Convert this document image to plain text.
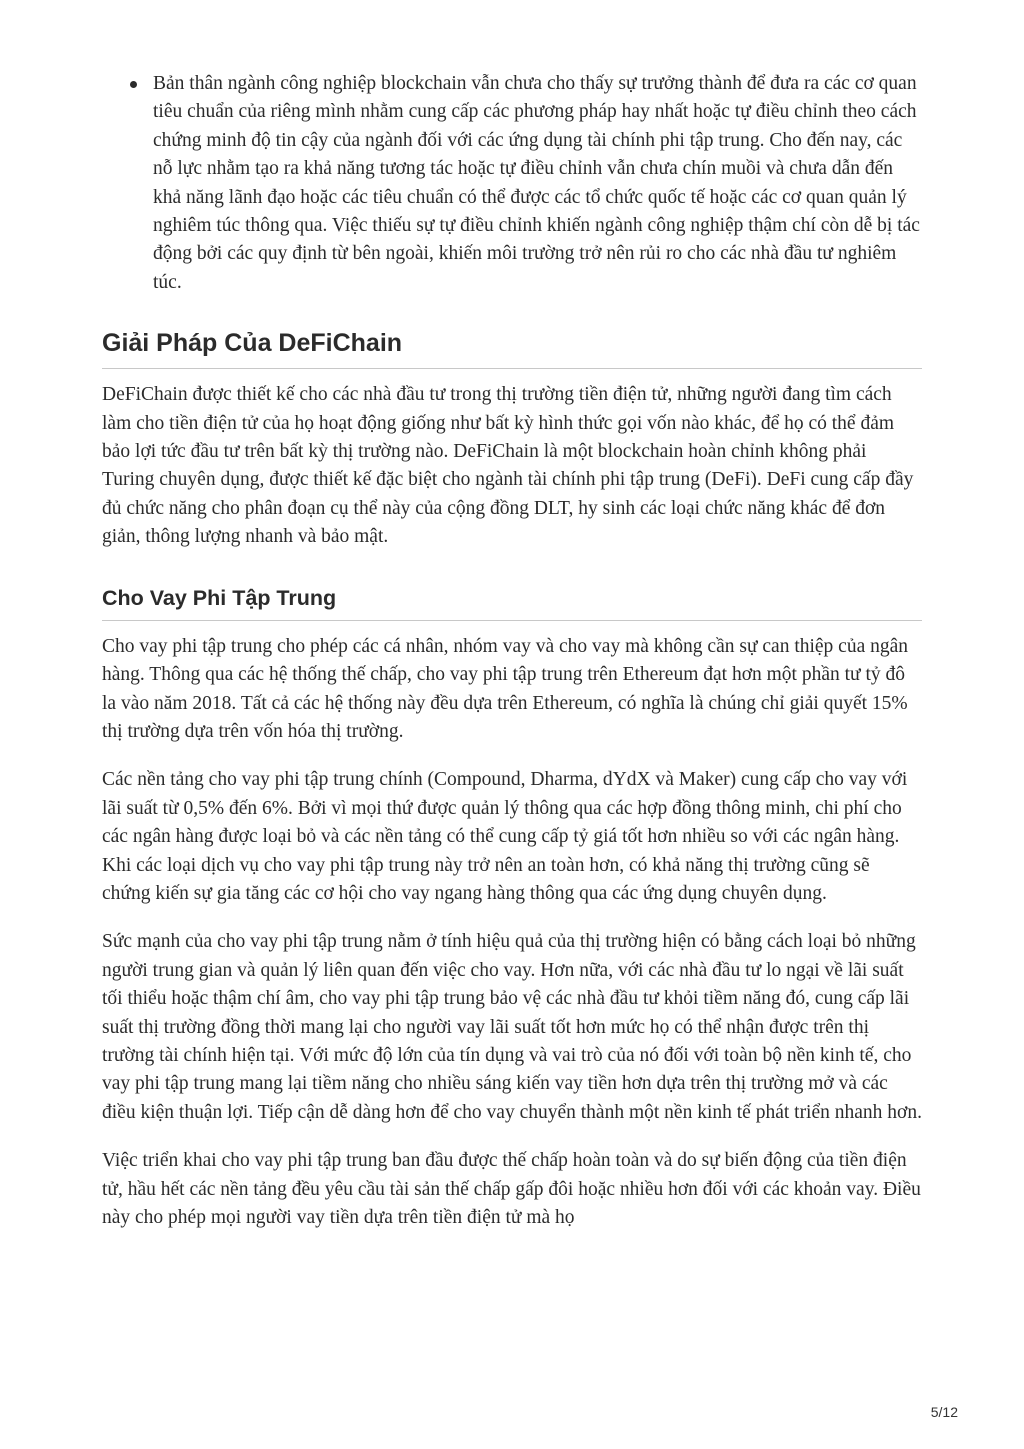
Bản thân ngành công nghiệp blockchain vẫn chưa cho thấy sự trưởng thành để đưa ra các cơ quan tiêu chuẩn của riêng mình nhằm cung cấp các phương pháp hay nhất hoặc tự điều chỉnh theo cách chứng minh độ tin cậy của ngành đối với các ứng dụng tài chính phi tập trung. Cho đến nay, các nỗ lực nhằm tạo ra khả năng tương tác hoặc tự điều chỉnh vẫn chưa chín muồi và chưa dẫn đến khả năng lãnh đạo hoặc các tiêu chuẩn có thể được các tổ chức quốc tế hoặc các cơ quan quản lý nghiêm túc thông qua. Việc thiếu sự tự điều chỉnh khiến ngành công nghiệp thậm chí còn dễ bị tác động bởi các quy định từ bên ngoài, khiến môi trường trở nên rủi ro cho các nhà đầu tư nghiêm túc.
Giải Pháp Của DeFiChain

DeFiChain được thiết kế cho các nhà đầu tư trong thị trường tiền điện tử, những người đang tìm cách làm cho tiền điện tử của họ hoạt động giống như bất kỳ hình thức gọi vốn nào khác, để họ có thể đảm bảo lợi tức đầu tư trên bất kỳ thị trường nào. DeFiChain là một blockchain hoàn chỉnh không phải Turing chuyên dụng, được thiết kế đặc biệt cho ngành tài chính phi tập trung (DeFi). DeFi cung cấp đầy đủ chức năng cho phân đoạn cụ thể này của cộng đồng DLT, hy sinh các loại chức năng khác để đơn giản, thông lượng nhanh và bảo mật.

Cho Vay Phi Tập Trung

Cho vay phi tập trung cho phép các cá nhân, nhóm vay và cho vay mà không cần sự can thiệp của ngân hàng. Thông qua các hệ thống thế chấp, cho vay phi tập trung trên Ethereum đạt hơn một phần tư tỷ đô la vào năm 2018. Tất cả các hệ thống này đều dựa trên Ethereum, có nghĩa là chúng chỉ giải quyết 15% thị trường dựa trên vốn hóa thị trường.

Các nền tảng cho vay phi tập trung chính (Compound, Dharma, dYdX và Maker) cung cấp cho vay với lãi suất từ 0,5% đến 6%. Bởi vì mọi thứ được quản lý thông qua các hợp đồng thông minh, chi phí cho các ngân hàng được loại bỏ và các nền tảng có thể cung cấp tỷ giá tốt hơn nhiều so với các ngân hàng. Khi các loại dịch vụ cho vay phi tập trung này trở nên an toàn hơn, có khả năng thị trường cũng sẽ chứng kiến sự gia tăng các cơ hội cho vay ngang hàng thông qua các ứng dụng chuyên dụng.

Sức mạnh của cho vay phi tập trung nằm ở tính hiệu quả của thị trường hiện có bằng cách loại bỏ những người trung gian và quản lý liên quan đến việc cho vay. Hơn nữa, với các nhà đầu tư lo ngại về lãi suất tối thiểu hoặc thậm chí âm, cho vay phi tập trung bảo vệ các nhà đầu tư khỏi tiềm năng đó, cung cấp lãi suất thị trường đồng thời mang lại cho người vay lãi suất tốt hơn mức họ có thể nhận được trên thị trường tài chính hiện tại. Với mức độ lớn của tín dụng và vai trò của nó đối với toàn bộ nền kinh tế, cho vay phi tập trung mang lại tiềm năng cho nhiều sáng kiến vay tiền hơn dựa trên thị trường mở và các điều kiện thuận lợi. Tiếp cận dễ dàng hơn để cho vay chuyển thành một nền kinh tế phát triển nhanh hơn.

Việc triển khai cho vay phi tập trung ban đầu được thế chấp hoàn toàn và do sự biến động của tiền điện tử, hầu hết các nền tảng đều yêu cầu tài sản thế chấp gấp đôi hoặc nhiều hơn đối với các khoản vay. Điều này cho phép mọi người vay tiền dựa trên tiền điện tử mà họ

5/12
